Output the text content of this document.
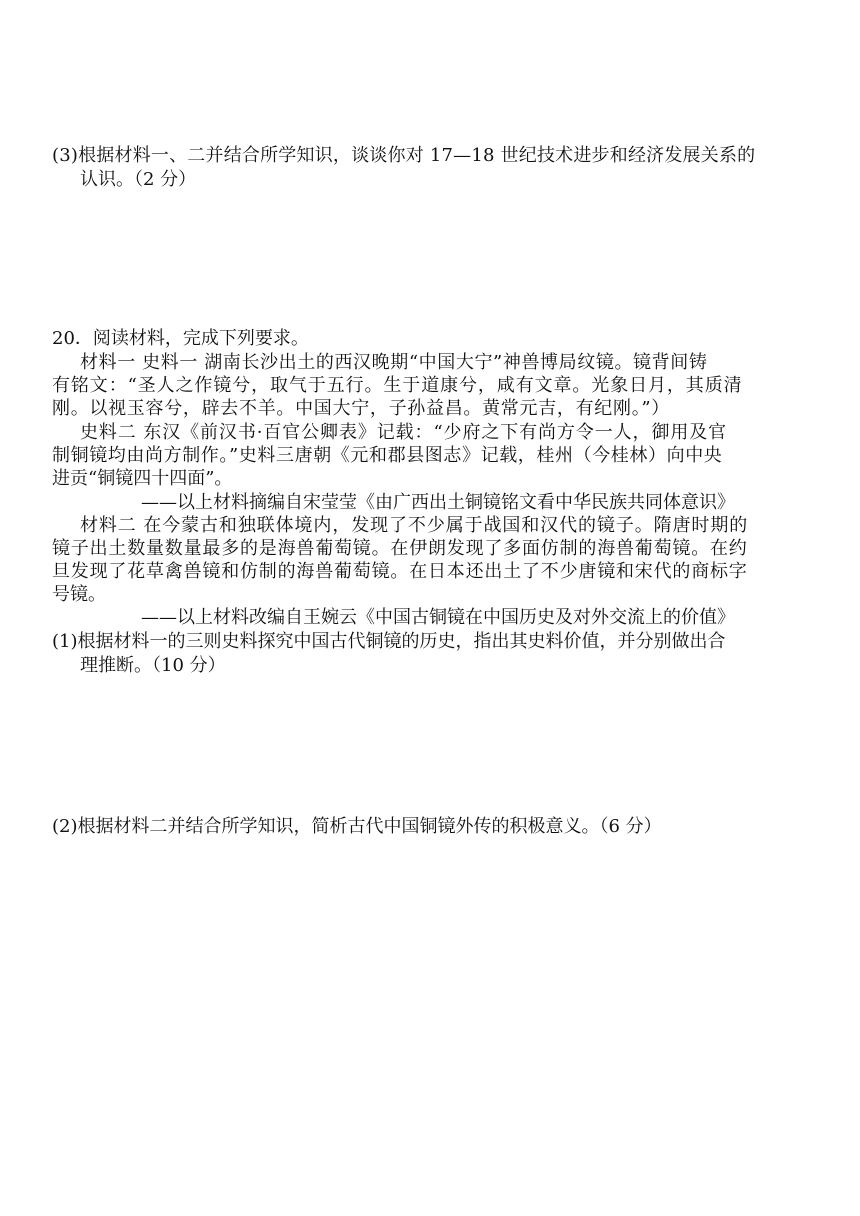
(3)根据材料一、二并结合所学知识，谈谈你对 17—18 世纪技术进步和经济发展关系的
认识。（2 分）
20．阅读材料，完成下列要求。
材料一 史料一 湖南长沙出土的西汉晚期“中国大宁”神兽博局纹镜。镜背间铸
有铭文：“圣人之作镜兮，取气于五行。生于道康兮，咸有文章。光象日月，其质清
刚。以视玉容兮，辟去不羊。中国大宁，子孙益昌。黄常元吉，有纪刚。”）
史料二 东汉《前汉书·百官公卿表》记载：“少府之下有尚方令一人，御用及官
制铜镜均由尚方制作。”史料三唐朝《元和郡县图志》记载，桂州（今桂林）向中央
进贡“铜镜四十四面”。
——以上材料摘编自宋莹莹《由广西出土铜镜铭文看中华民族共同体意识》
材料二 在今蒙古和独联体境内，发现了不少属于战国和汉代的镜子。隋唐时期的
镜子出土数量数量最多的是海兽葡萄镜。在伊朗发现了多面仿制的海兽葡萄镜。在约
旦发现了花草禽兽镜和仿制的海兽葡萄镜。在日本还出土了不少唐镜和宋代的商标字
号镜。
——以上材料改编自王婉云《中国古铜镜在中国历史及对外交流上的价值》
(1)根据材料一的三则史料探究中国古代铜镜的历史，指出其史料价值，并分别做出合
理推断。（10 分）
(2)根据材料二并结合所学知识，简析古代中国铜镜外传的积极意义。（6 分）
